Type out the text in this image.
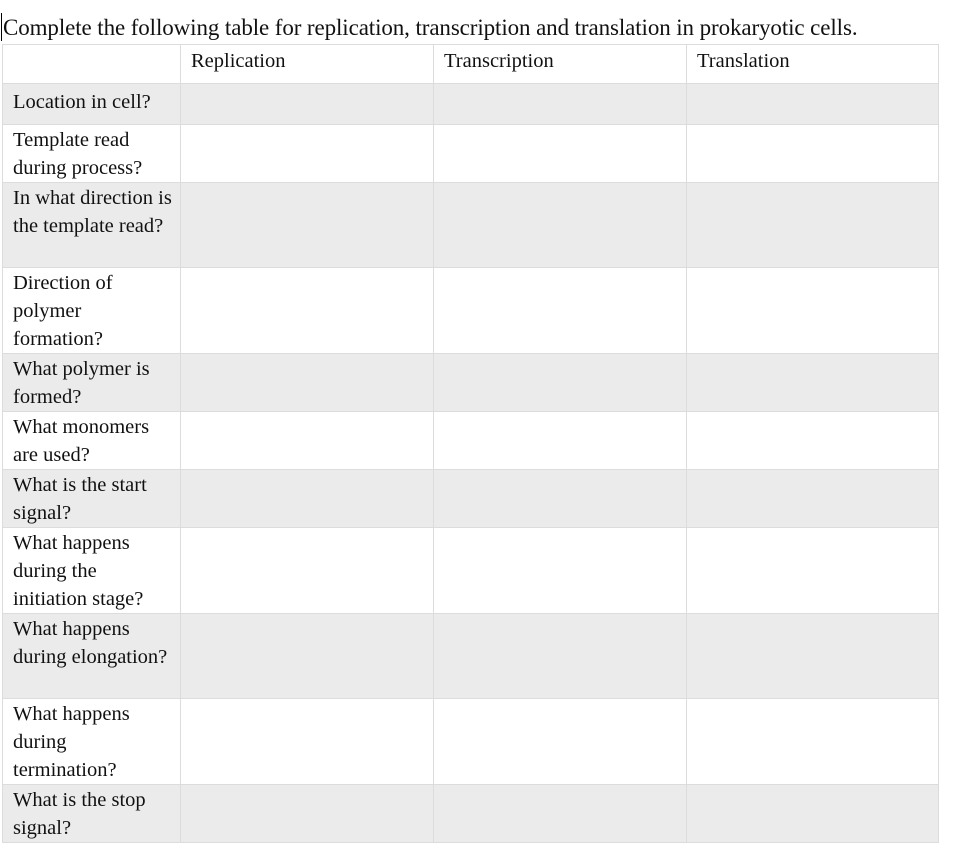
Complete the following table for replication, transcription and translation in prokaryotic cells.
	Replication	Transcription	Translation
Location in cell?			
Template read during process?			
In what direction is the template read?			
Direction of polymer formation?			
What polymer is formed?			
What monomers are used?			
What is the start signal?			
What happens during the initiation stage?			
What happens during elongation?			
What happens during termination?			
What is the stop signal?			
